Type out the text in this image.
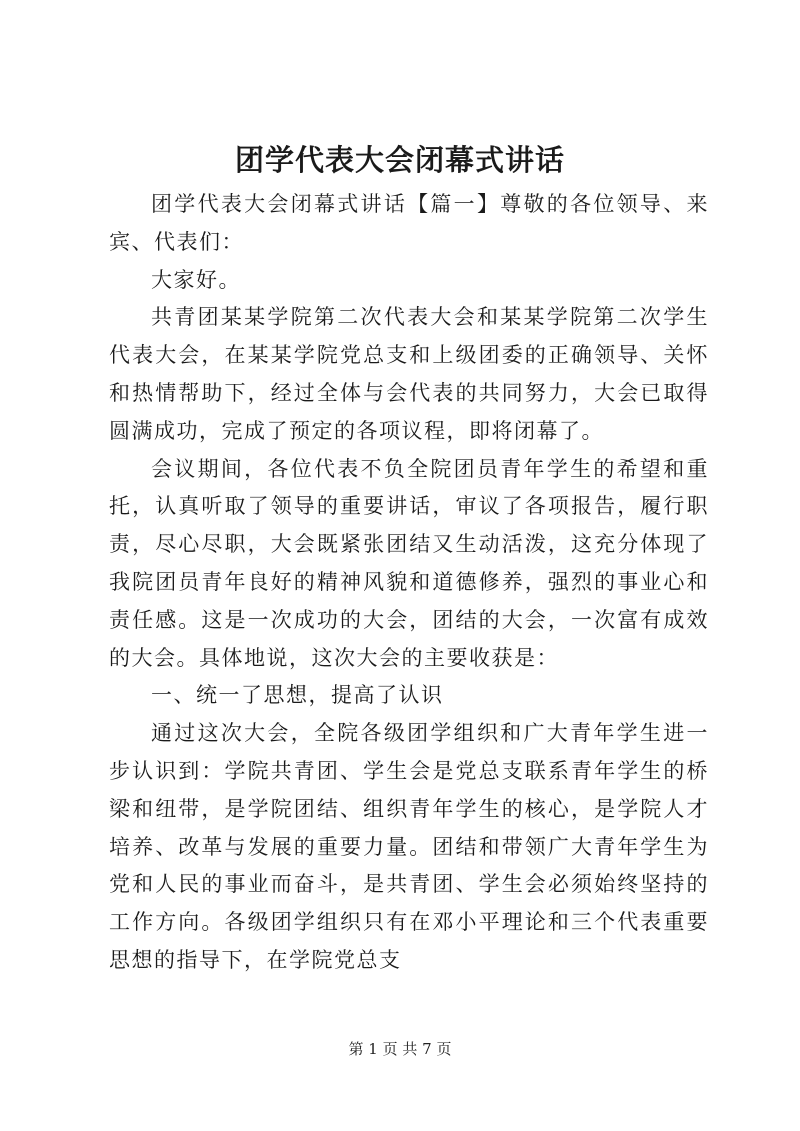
团学代表大会闭幕式讲话

团学代表大会闭幕式讲话【篇一】尊敬的各位领导、来宾、代表们：

大家好。

共青团某某学院第二次代表大会和某某学院第二次学生代表大会，在某某学院党总支和上级团委的正确领导、关怀和热情帮助下，经过全体与会代表的共同努力，大会已取得圆满成功，完成了预定的各项议程，即将闭幕了。

会议期间，各位代表不负全院团员青年学生的希望和重托，认真听取了领导的重要讲话，审议了各项报告，履行职责，尽心尽职，大会既紧张团结又生动活泼，这充分体现了我院团员青年良好的精神风貌和道德修养，强烈的事业心和责任感。这是一次成功的大会，团结的大会，一次富有成效的大会。具体地说，这次大会的主要收获是：

一、统一了思想，提高了认识

通过这次大会，全院各级团学组织和广大青年学生进一步认识到：学院共青团、学生会是党总支联系青年学生的桥梁和纽带，是学院团结、组织青年学生的核心，是学院人才培养、改革与发展的重要力量。团结和带领广大青年学生为党和人民的事业而奋斗，是共青团、学生会必须始终坚持的工作方向。各级团学组织只有在邓小平理论和三个代表重要思想的指导下，在学院党总支

第 1 页 共 7 页
